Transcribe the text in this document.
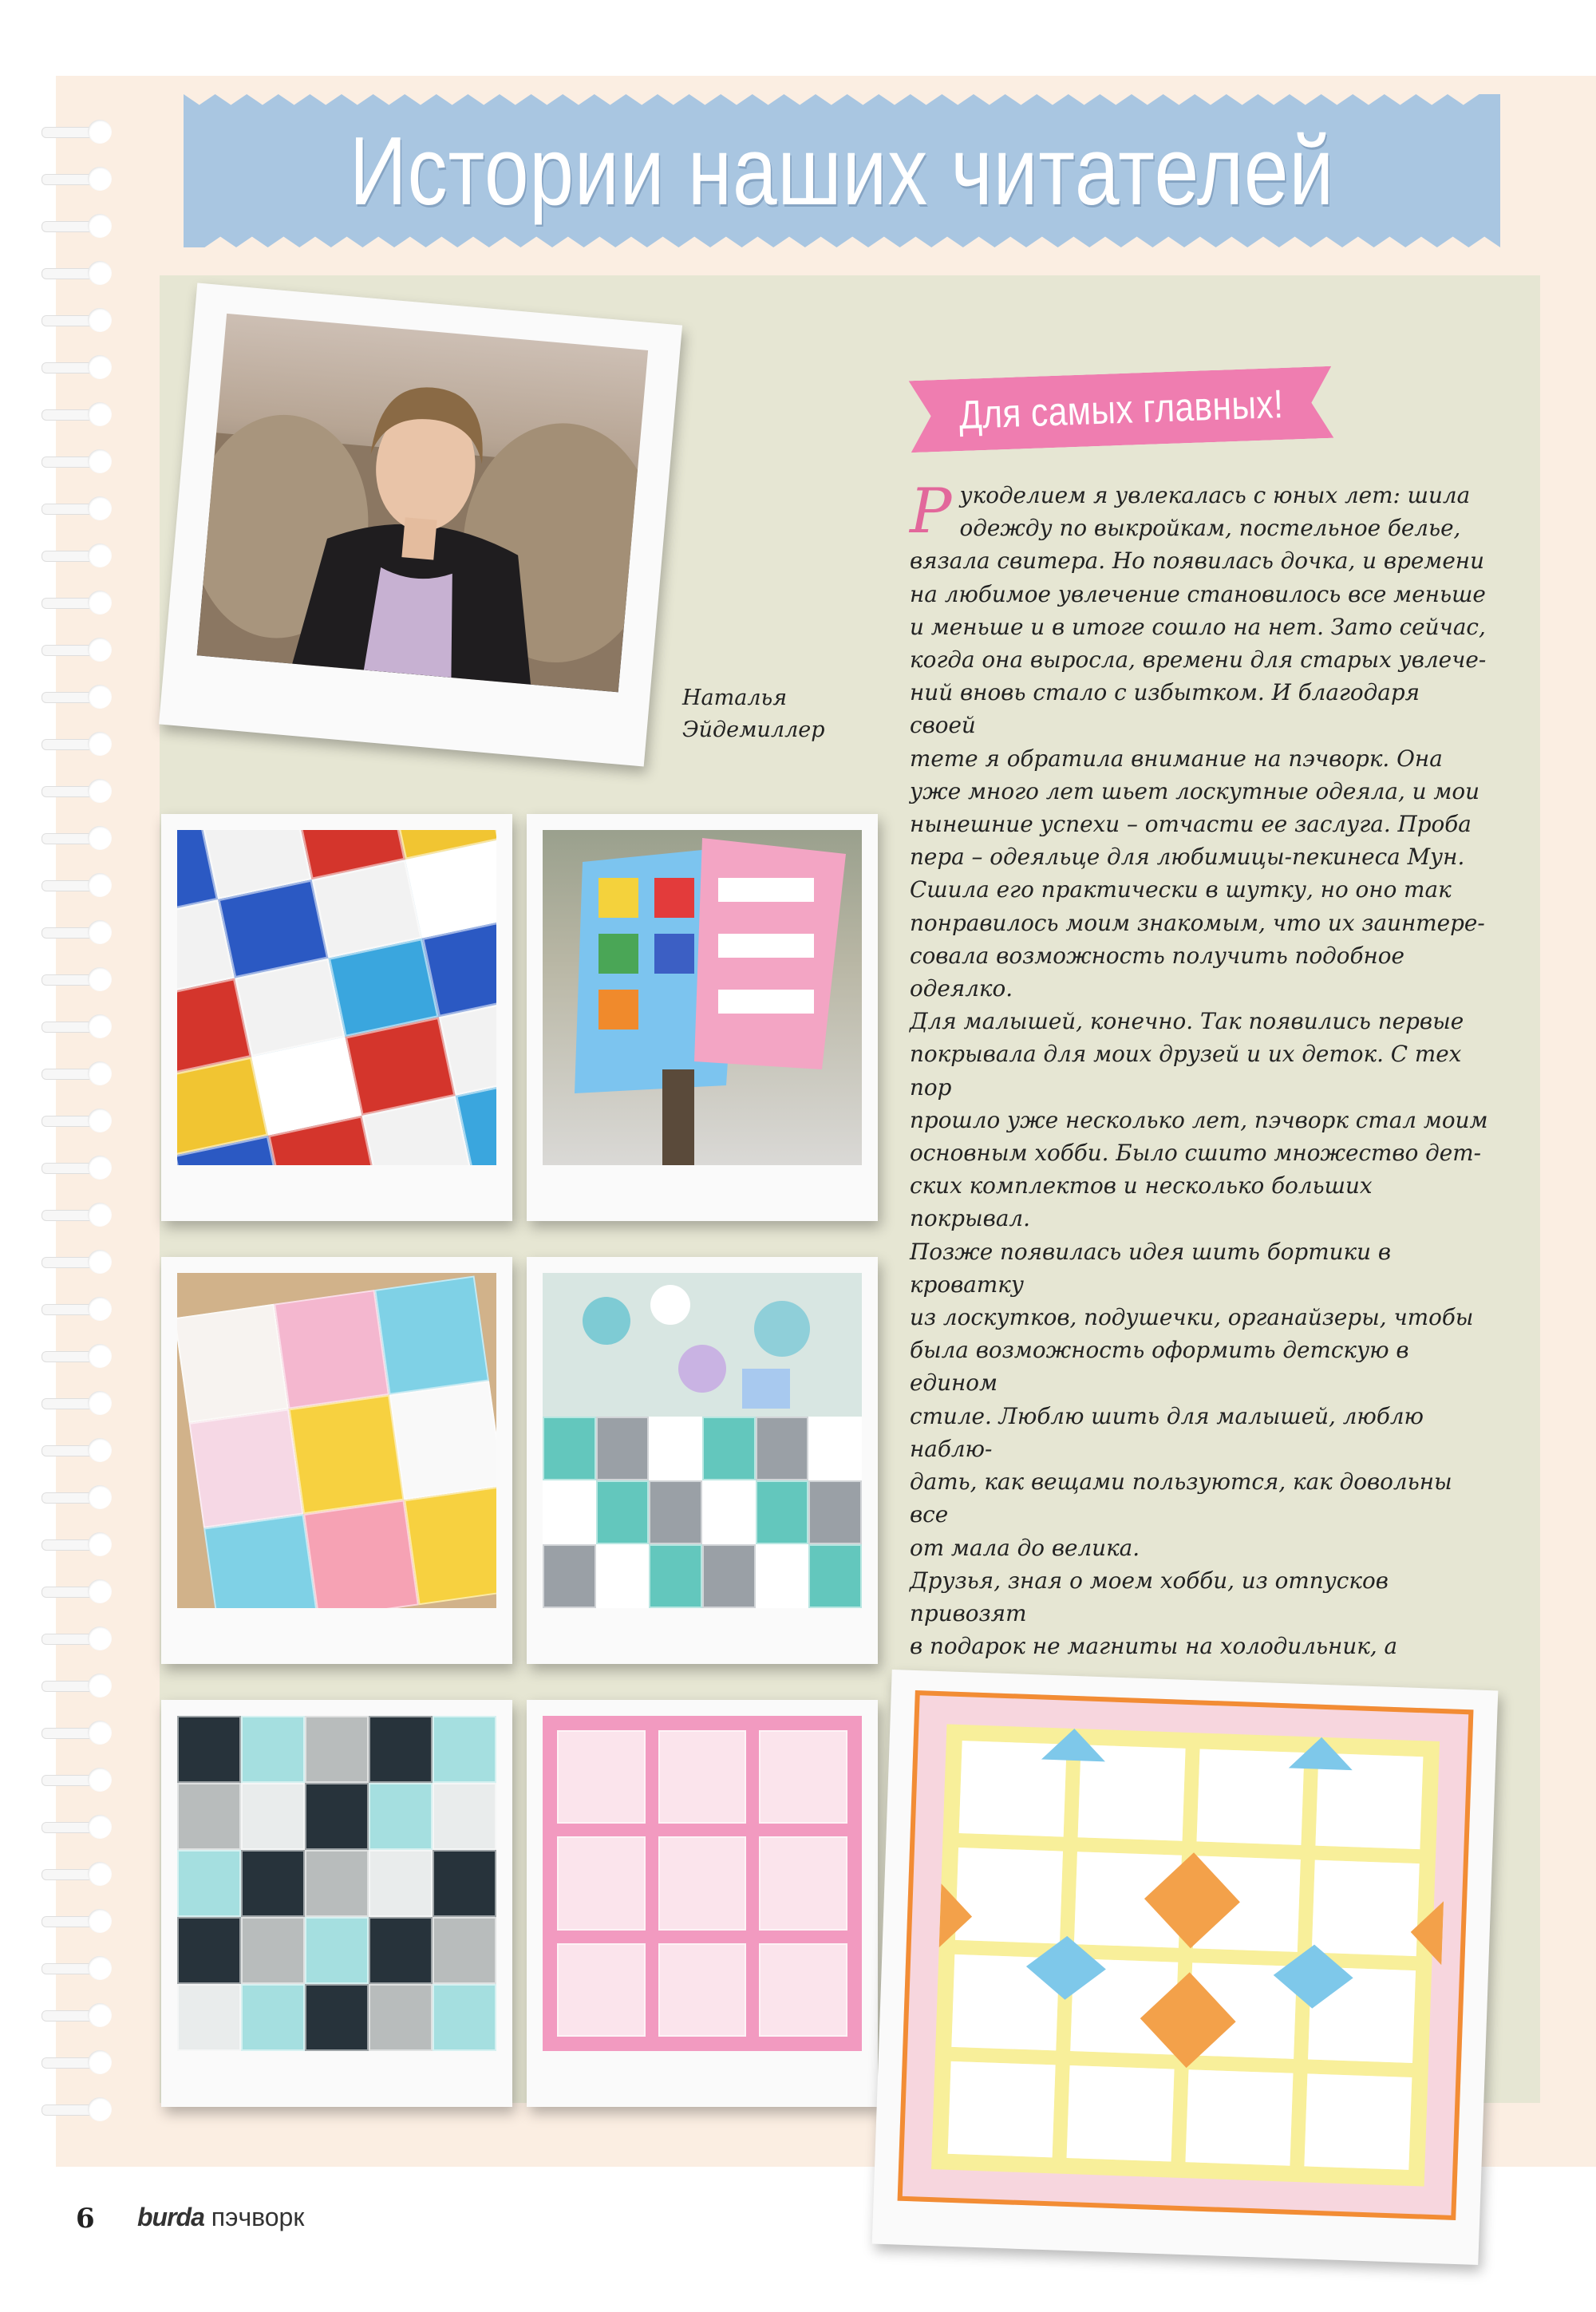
Истории наших читателей
Наталья
Эйдемиллер
Для самых главных!
Р укоделием я увлекалась с юных лет: шила

одежду по выкройкам, постельное белье,

вязала свитера. Но появилась дочка, и времени

на любимое увлечение становилось все меньше

и меньше и в итоге сошло на нет. Зато сейчас,

когда она выросла, времени для старых увлече-

ний вновь стало с избытком. И благодаря своей

тете я обратила внимание на пэчворк. Она

уже много лет шьет лоскутные одеяла, и мои

нынешние успехи – отчасти ее заслуга. Проба

пера – одеяльце для любимицы-пекинеса Мун.

Сшила его практически в шутку, но оно так

понравилось моим знакомым, что их заинтере-

совала возможность получить подобное одеялко.

Для малышей, конечно. Так появились первые

покрывала для моих друзей и их деток. С тех пор

прошло уже несколько лет, пэчворк стал моим

основным хобби. Было сшито множество дет-

ских комплектов и несколько больших покрывал.

Позже появилась идея шить бортики в кроватку

из лоскутков, подушечки, органайзеры, чтобы

была возможность оформить детскую в едином

стиле. Люблю шить для малышей, люблю наблю-

дать, как вещами пользуются, как довольны все

от мала до велика.

Друзья, зная о моем хобби, из отпусков привозят

в подарок не магниты на холодильник, а

6 burda пэчворк
